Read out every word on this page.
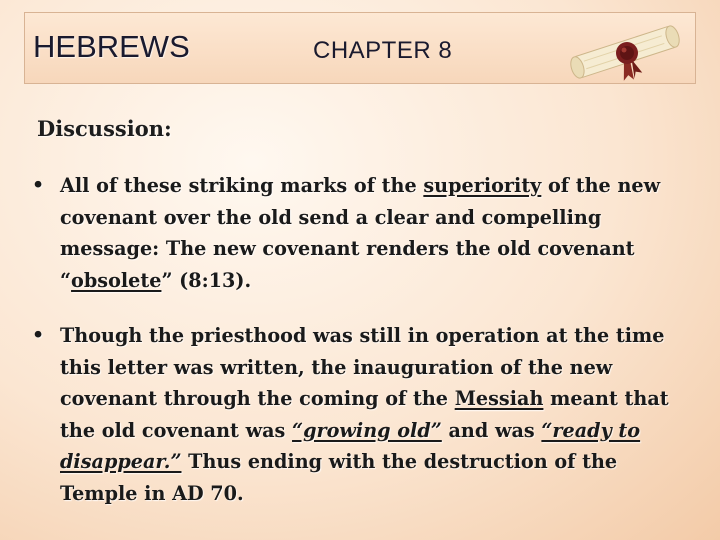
HEBREWS	CHAPTER 8
Discussion:
• All of these striking marks of the superiority of the new covenant over the old send a clear and compelling message: The new covenant renders the old covenant “obsolete” (8:13).
• Though the priesthood was still in operation at the time this letter was written, the inauguration of the new covenant through the coming of the Messiah meant that the old covenant was “growing old” and was “ready to disappear.” Thus ending with the destruction of the Temple in AD 70.
